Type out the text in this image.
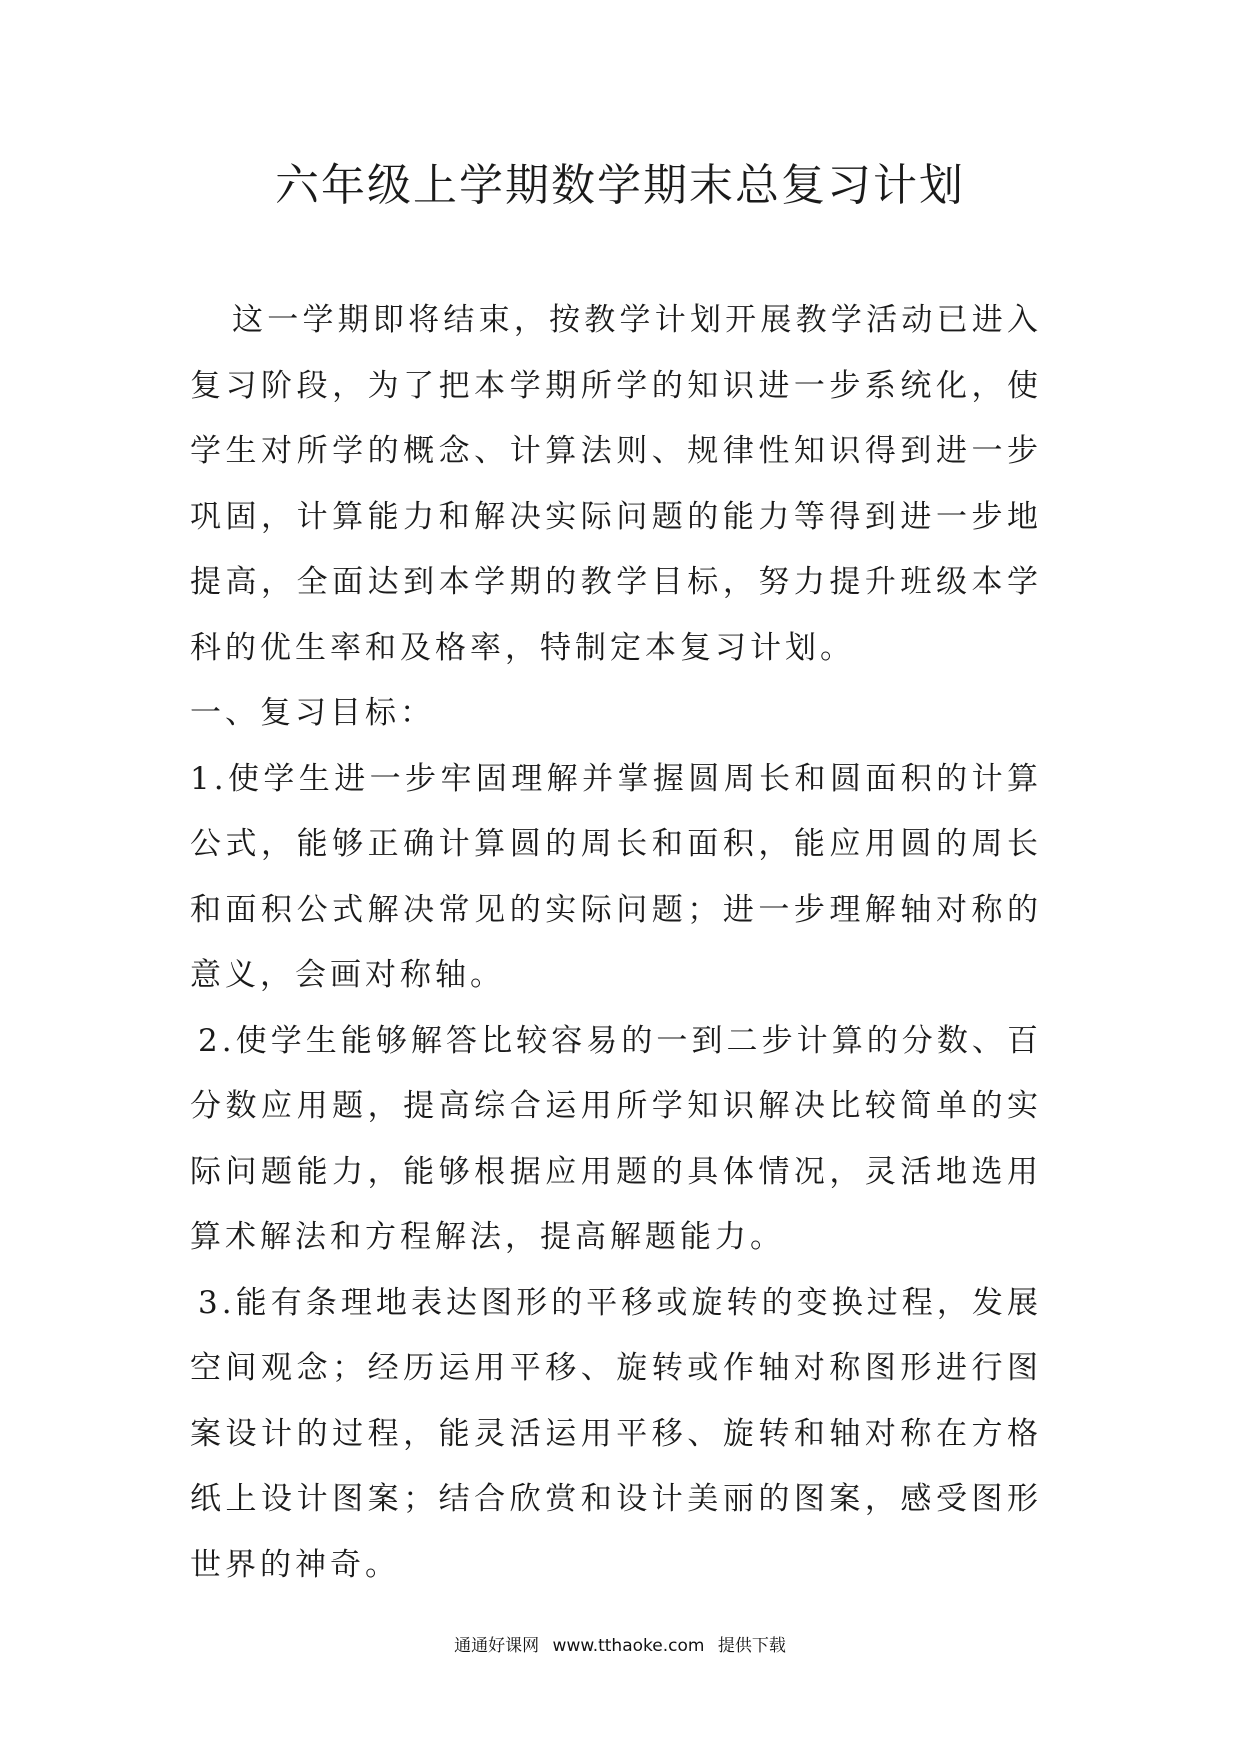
六年级上学期数学期末总复习计划

这一学期即将结束，按教学计划开展教学活动已进入复习阶段，为了把本学期所学的知识进一步系统化，使学生对所学的概念、计算法则、规律性知识得到进一步巩固，计算能力和解决实际问题的能力等得到进一步地提高，全面达到本学期的教学目标，努力提升班级本学科的优生率和及格率，特制定本复习计划。

一、复习目标：

1.使学生进一步牢固理解并掌握圆周长和圆面积的计算公式，能够正确计算圆的周长和面积，能应用圆的周长和面积公式解决常见的实际问题；进一步理解轴对称的意义，会画对称轴。

2.使学生能够解答比较容易的一到二步计算的分数、百分数应用题，提高综合运用所学知识解决比较简单的实际问题能力，能够根据应用题的具体情况，灵活地选用算术解法和方程解法，提高解题能力。

3.能有条理地表达图形的平移或旋转的变换过程，发展空间观念；经历运用平移、旋转或作轴对称图形进行图案设计的过程，能灵活运用平移、旋转和轴对称在方格纸上设计图案；结合欣赏和设计美丽的图案，感受图形世界的神奇。

通通好课网 www.tthaoke.com 提供下载
